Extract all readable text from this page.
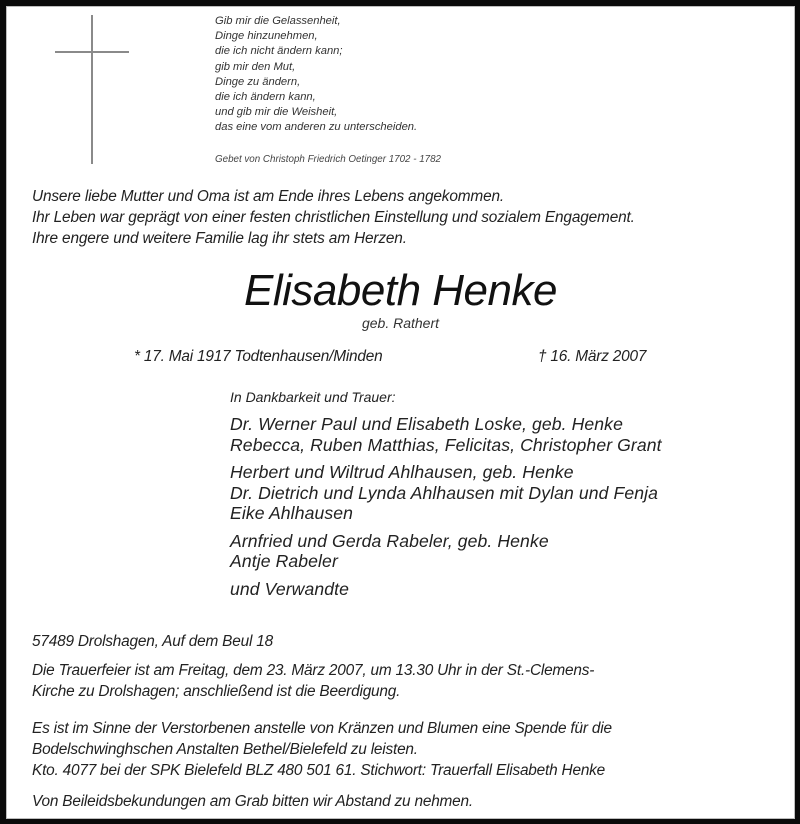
Gib mir die Gelassenheit,
Dinge hinzunehmen,
die ich nicht ändern kann;
gib mir den Mut,
Dinge zu ändern,
die ich ändern kann,
und gib mir die Weisheit,
das eine vom anderen zu unterscheiden.
Gebet von Christoph Friedrich Oetinger 1702 - 1782
Unsere liebe Mutter und Oma ist am Ende ihres Lebens angekommen.
Ihr Leben war geprägt von einer festen christlichen Einstellung und sozialem Engagement.
Ihre engere und weitere Familie lag ihr stets am Herzen.
Elisabeth Henke
geb. Rathert
* 17. Mai 1917 Todtenhausen/Minden	† 16. März 2007
In Dankbarkeit und Trauer:
Dr. Werner Paul und Elisabeth Loske, geb. Henke
Rebecca, Ruben Matthias, Felicitas, Christopher Grant
Herbert und Wiltrud Ahlhausen, geb. Henke
Dr. Dietrich und Lynda Ahlhausen mit Dylan und Fenja
Eike Ahlhausen
Arnfried und Gerda Rabeler, geb. Henke
Antje Rabeler
und Verwandte
57489 Drolshagen, Auf dem Beul 18
Die Trauerfeier ist am Freitag, dem 23. März 2007, um 13.30 Uhr in der St.-Clemens-
Kirche zu Drolshagen; anschließend ist die Beerdigung.
Es ist im Sinne der Verstorbenen anstelle von Kränzen und Blumen eine Spende für die
Bodelschwinghschen Anstalten Bethel/Bielefeld zu leisten.
Kto. 4077 bei der SPK Bielefeld BLZ 480 501 61. Stichwort: Trauerfall Elisabeth Henke
Von Beileidsbekundungen am Grab bitten wir Abstand zu nehmen.
